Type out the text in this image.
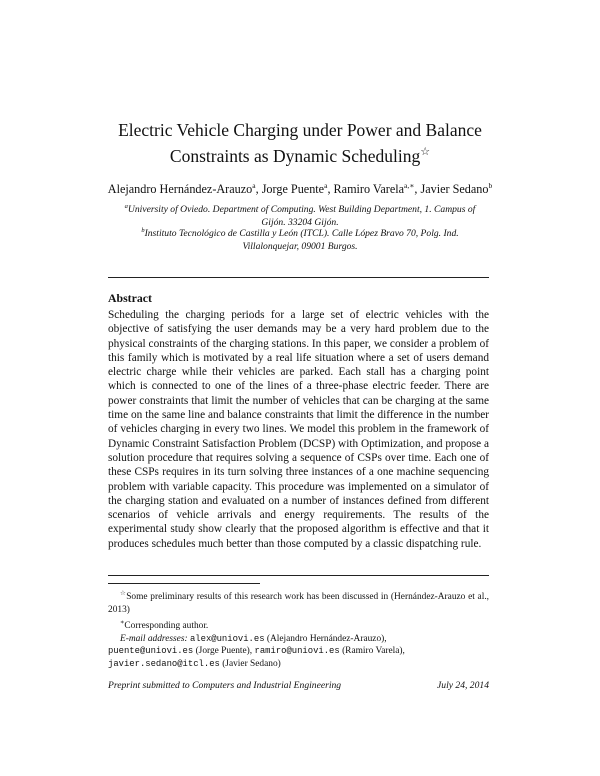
Electric Vehicle Charging under Power and Balance
Constraints as Dynamic Scheduling☆
Alejandro Hernández-Arauzo$^a$, Jorge Puente$^a$, Ramiro Varela$^{a,∗}$, Javier Sedano$^b$
$^a$University of Oviedo. Department of Computing. West Building Department, 1. Campus of
Gijón. 33204 Gijón.
$^b$Instituto Tecnológico de Castilla y León (ITCL). Calle López Bravo 70, Polg. Ind.
Villalonquejar, 09001 Burgos.
Abstract
Scheduling the charging periods for a large set of electric vehicles with the objective of satisfying the user demands may be a very hard problem due to the physical constraints of the charging stations. In this paper, we consider a problem of this family which is motivated by a real life situation where a set of users demand electric charge while their vehicles are parked. Each stall has a charging point which is connected to one of the lines of a three-phase electric feeder. There are power constraints that limit the number of vehicles that can be charging at the same time on the same line and balance constraints that limit the difference in the number of vehicles charging in every two lines. We model this problem in the framework of Dynamic Constraint Satisfaction Problem (DCSP) with Optimization, and propose a solution procedure that requires solving a sequence of CSPs over time. Each one of these CSPs requires in its turn solving three instances of a one machine sequencing problem with variable capacity. This procedure was implemented on a simulator of the charging station and evaluated on a number of instances defined from different scenarios of vehicle arrivals and energy requirements. The results of the experimental study show clearly that the proposed algorithm is effective and that it produces schedules much better than those computed by a classic dispatching rule.

☆Some preliminary results of this research work has been discussed in (Hernández-Arauzo et al., 2013)

∗Corresponding author.

E-mail addresses: alex@uniovi.es (Alejandro Hernández-Arauzo),

puente@uniovi.es (Jorge Puente), ramiro@uniovi.es (Ramiro Varela),

javier.sedano@itcl.es (Javier Sedano)

Preprint submitted to Computers and Industrial Engineering	July 24, 2014
